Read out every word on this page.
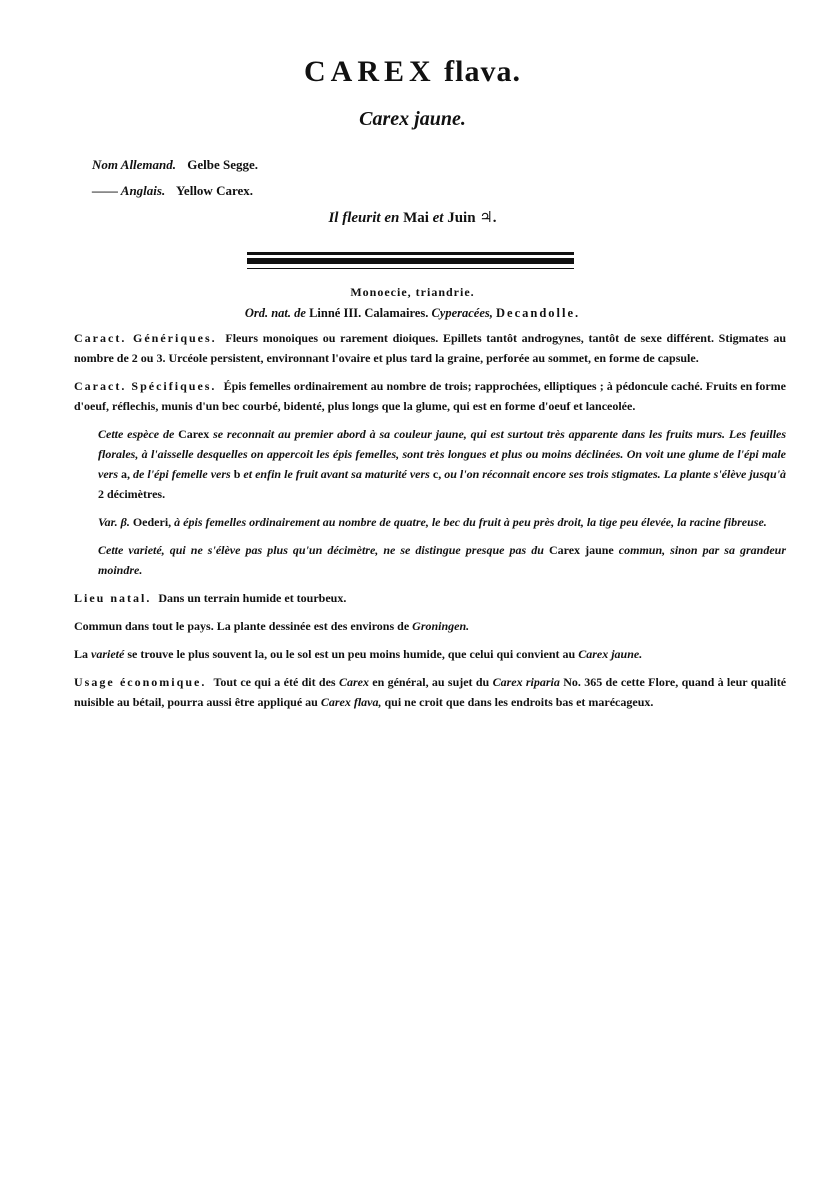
CAREX flava.
Carex jaune.
Nom Allemand. Gelbe Segge.
—— Anglais. Yellow Carex.
Il fleurit en Mai et Juin ♃.
Monoecie, triandrie.
Ord. nat. de Linné III. Calamaires. Cyperacées, Decandolle.

Caract. Génériques. Fleurs monoiques ou rarement dioiques. Epillets tantôt androgynes, tantôt de sexe différent. Stigmates au nombre de 2 ou 3. Urcéole persistent, environnant l'ovaire et plus tard la graine, perforée au sommet, en forme de capsule.

Caract. Spécifiques. Épis femelles ordinairement au nombre de trois; rapprochées, elliptiques ; à pédoncule caché. Fruits en forme d'oeuf, réflechis, munis d'un bec courbé, bidenté, plus longs que la glume, qui est en forme d'oeuf et lanceolée.

Cette espèce de Carex se reconnait au premier abord à sa couleur jaune, qui est surtout très apparente dans les fruits murs. Les feuilles florales, à l'aisselle desquelles on appercoit les épis femelles, sont très longues et plus ou moins déclinées. On voit une glume de l'épi male vers a, de l'épi femelle vers b et enfin le fruit avant sa maturité vers c, ou l'on réconnait encore ses trois stigmates. La plante s'élève jusqu'à 2 décimètres.

Var. β. Oederi, à épis femelles ordinairement au nombre de quatre, le bec du fruit à peu près droit, la tige peu élevée, la racine fibreuse.

Cette varieté, qui ne s'élève pas plus qu'un décimètre, ne se distingue presque pas du Carex jaune commun, sinon par sa grandeur moindre.

Lieu natal. Dans un terrain humide et tourbeux.

Commun dans tout le pays. La plante dessinée est des environs de Groningen.

La varieté se trouve le plus souvent la, ou le sol est un peu moins humide, que celui qui convient au Carex jaune.

Usage économique. Tout ce qui a été dit des Carex en général, au sujet du Carex riparia No. 365 de cette Flore, quand à leur qualité nuisible au bétail, pourra aussi être appliqué au Carex flava, qui ne croit que dans les endroits bas et marécageux.
